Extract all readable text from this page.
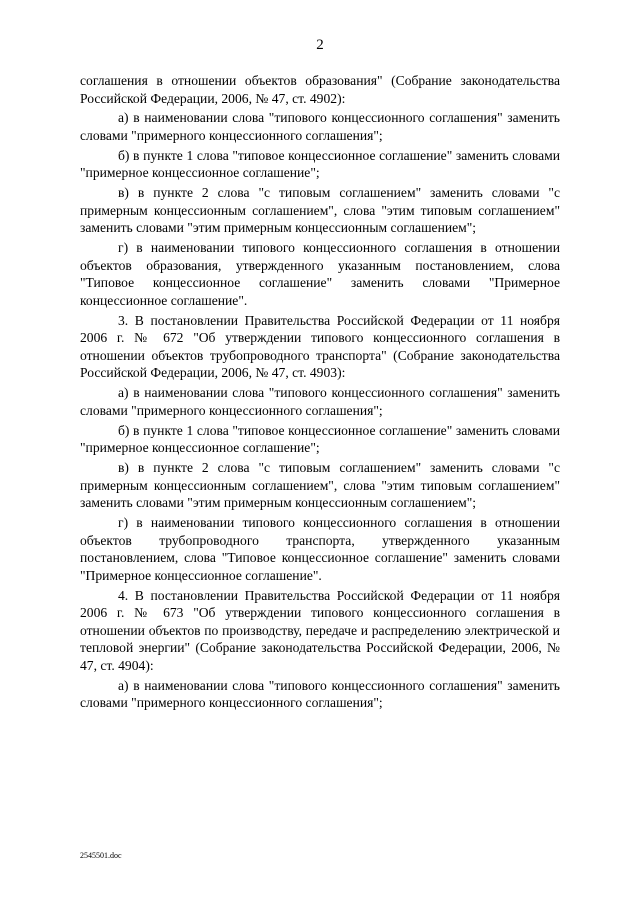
2

соглашения в отношении объектов образования" (Собрание законодательства Российской Федерации, 2006, № 47, ст. 4902):

а) в наименовании слова "типового концессионного соглашения" заменить словами "примерного концессионного соглашения";

б) в пункте 1 слова "типовое концессионное соглашение" заменить словами "примерное концессионное соглашение";

в) в пункте 2 слова "с типовым соглашением" заменить словами "с примерным концессионным соглашением", слова "этим типовым соглашением" заменить словами "этим примерным концессионным соглашением";

г) в наименовании типового концессионного соглашения в отношении объектов образования, утвержденного указанным постановлением, слова "Типовое концессионное соглашение" заменить словами "Примерное концессионное соглашение".

3. В постановлении Правительства Российской Федерации от 11 ноября 2006 г. № 672 "Об утверждении типового концессионного соглашения в отношении объектов трубопроводного транспорта" (Собрание законодательства Российской Федерации, 2006, № 47, ст. 4903):

а) в наименовании слова "типового концессионного соглашения" заменить словами "примерного концессионного соглашения";

б) в пункте 1 слова "типовое концессионное соглашение" заменить словами "примерное концессионное соглашение";

в) в пункте 2 слова "с типовым соглашением" заменить словами "с примерным концессионным соглашением", слова "этим типовым соглашением" заменить словами "этим примерным концессионным соглашением";

г) в наименовании типового концессионного соглашения в отношении объектов трубопроводного транспорта, утвержденного указанным постановлением, слова "Типовое концессионное соглашение" заменить словами "Примерное концессионное соглашение".

4. В постановлении Правительства Российской Федерации от 11 ноября 2006 г. № 673 "Об утверждении типового концессионного соглашения в отношении объектов по производству, передаче и распределению электрической и тепловой энергии" (Собрание законодательства Российской Федерации, 2006, № 47, ст. 4904):

а) в наименовании слова "типового концессионного соглашения" заменить словами "примерного концессионного соглашения";

2545501.doc
